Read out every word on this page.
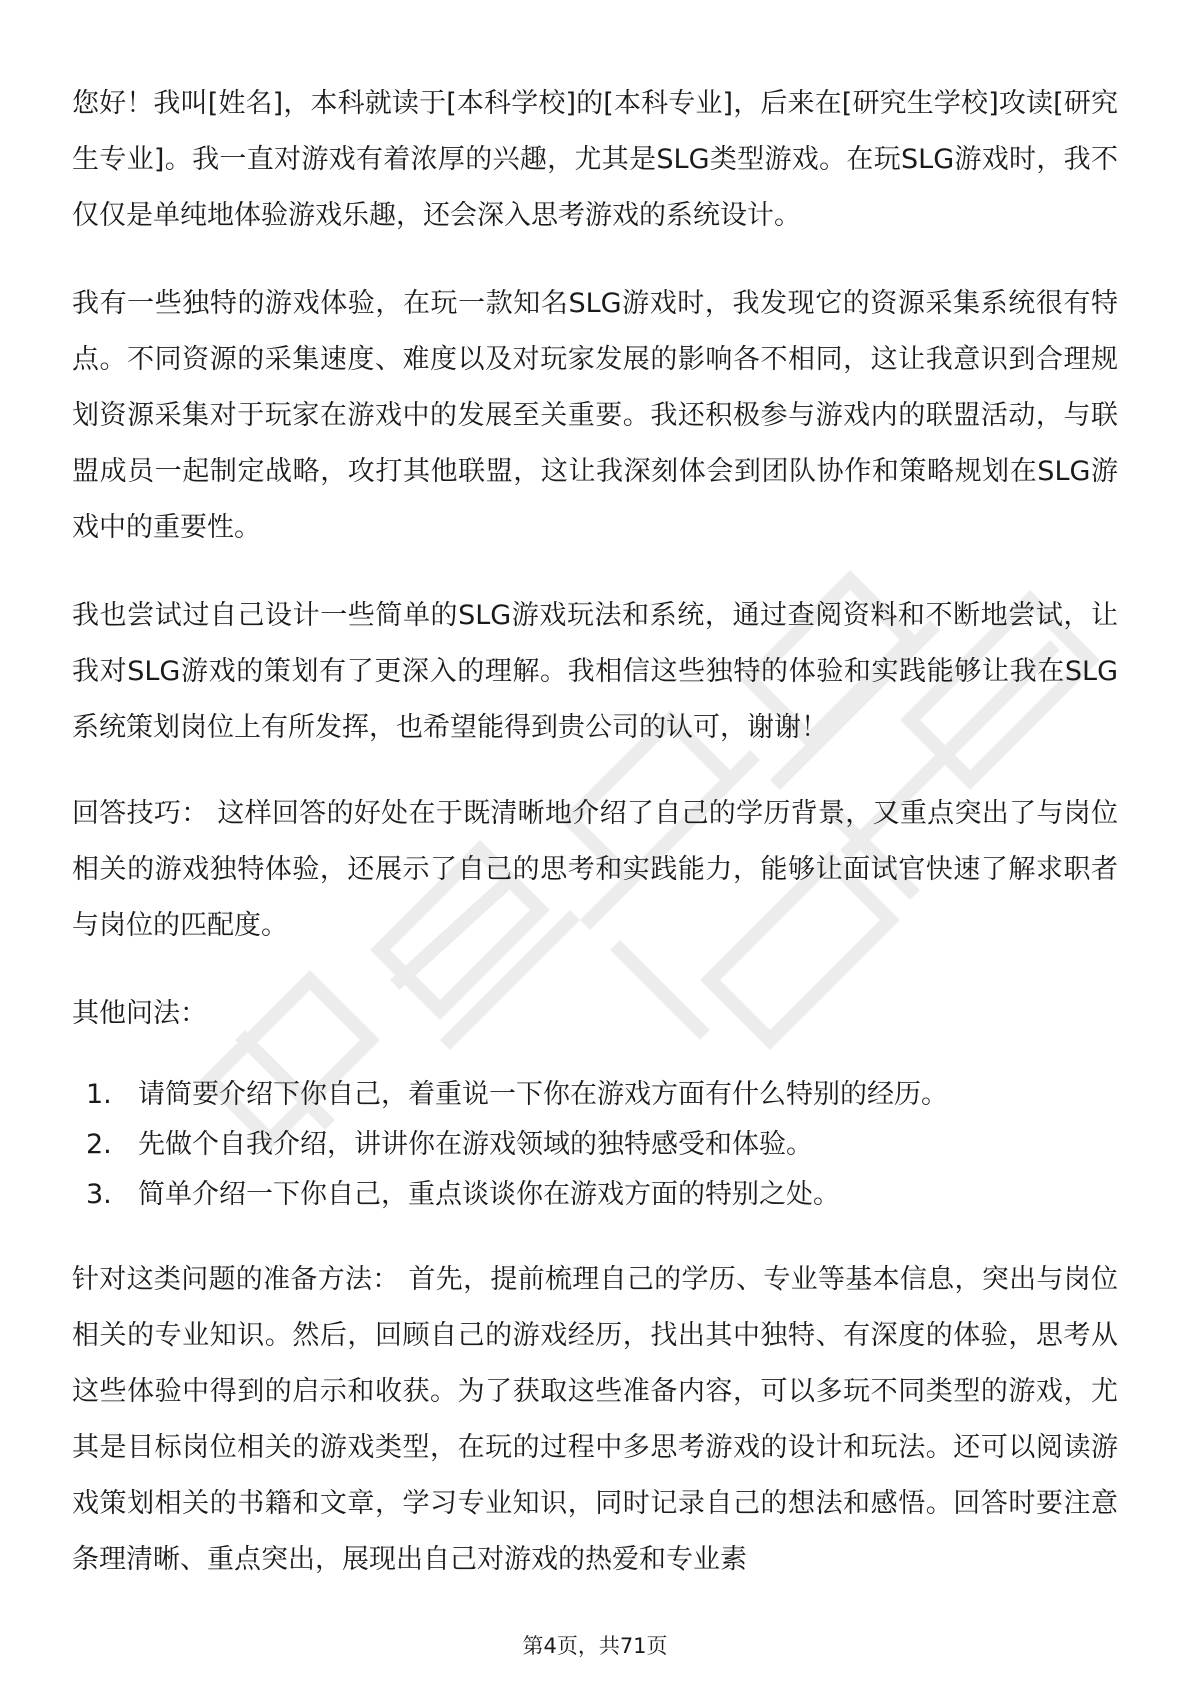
您好！我叫[姓名]，本科就读于[本科学校]的[本科专业]，后来在[研究生学校]攻读[研究生专业]。我一直对游戏有着浓厚的兴趣，尤其是SLG类型游戏。在玩SLG游戏时，我不仅仅是单纯地体验游戏乐趣，还会深入思考游戏的系统设计。

我有一些独特的游戏体验，在玩一款知名SLG游戏时，我发现它的资源采集系统很有特点。不同资源的采集速度、难度以及对玩家发展的影响各不相同，这让我意识到合理规划资源采集对于玩家在游戏中的发展至关重要。我还积极参与游戏内的联盟活动，与联盟成员一起制定战略，攻打其他联盟，这让我深刻体会到团队协作和策略规划在SLG游戏中的重要性。

我也尝试过自己设计一些简单的SLG游戏玩法和系统，通过查阅资料和不断地尝试，让我对SLG游戏的策划有了更深入的理解。我相信这些独特的体验和实践能够让我在SLG系统策划岗位上有所发挥，也希望能得到贵公司的认可，谢谢！

回答技巧： 这样回答的好处在于既清晰地介绍了自己的学历背景，又重点突出了与岗位相关的游戏独特体验，还展示了自己的思考和实践能力，能够让面试官快速了解求职者与岗位的匹配度。

其他问法：

1. 请简要介绍下你自己，着重说一下你在游戏方面有什么特别的经历。
2. 先做个自我介绍，讲讲你在游戏领域的独特感受和体验。
3. 简单介绍一下你自己，重点谈谈你在游戏方面的特别之处。

针对这类问题的准备方法： 首先，提前梳理自己的学历、专业等基本信息，突出与岗位相关的专业知识。然后，回顾自己的游戏经历，找出其中独特、有深度的体验，思考从这些体验中得到的启示和收获。为了获取这些准备内容，可以多玩不同类型的游戏，尤其是目标岗位相关的游戏类型，在玩的过程中多思考游戏的设计和玩法。还可以阅读游戏策划相关的书籍和文章，学习专业知识，同时记录自己的想法和感悟。回答时要注意条理清晰、重点突出，展现出自己对游戏的热爱和专业素

第4页，共71页
